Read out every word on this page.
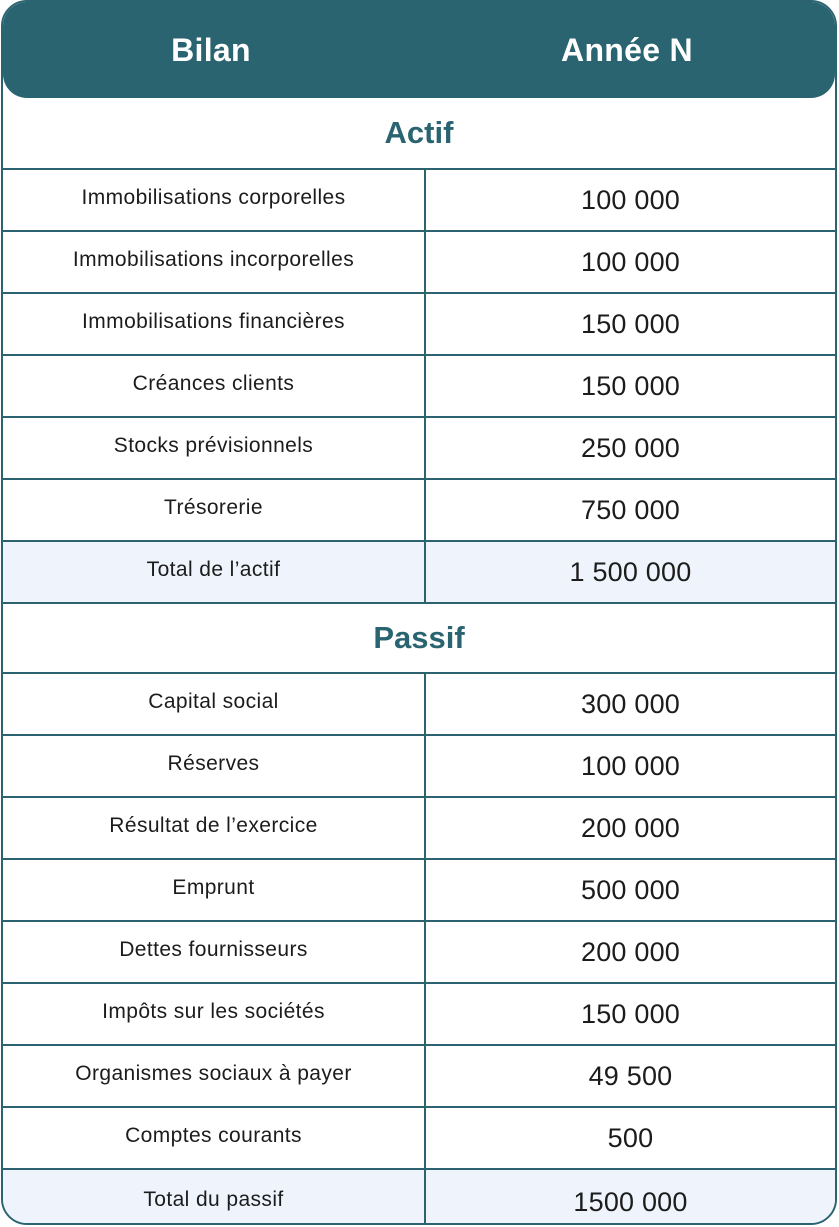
Bilan	Année N
Actif
Immobilisations corporelles	100 000
Immobilisations incorporelles	100 000
Immobilisations financières	150 000
Créances clients	150 000
Stocks prévisionnels	250 000
Trésorerie	750 000
Total de l’actif	1 500 000
Passif
Capital social	300 000
Réserves	100 000
Résultat de l’exercice	200 000
Emprunt	500 000
Dettes fournisseurs	200 000
Impôts sur les sociétés	150 000
Organismes sociaux à payer	49 500
Comptes courants	500
Total du passif	1500 000
